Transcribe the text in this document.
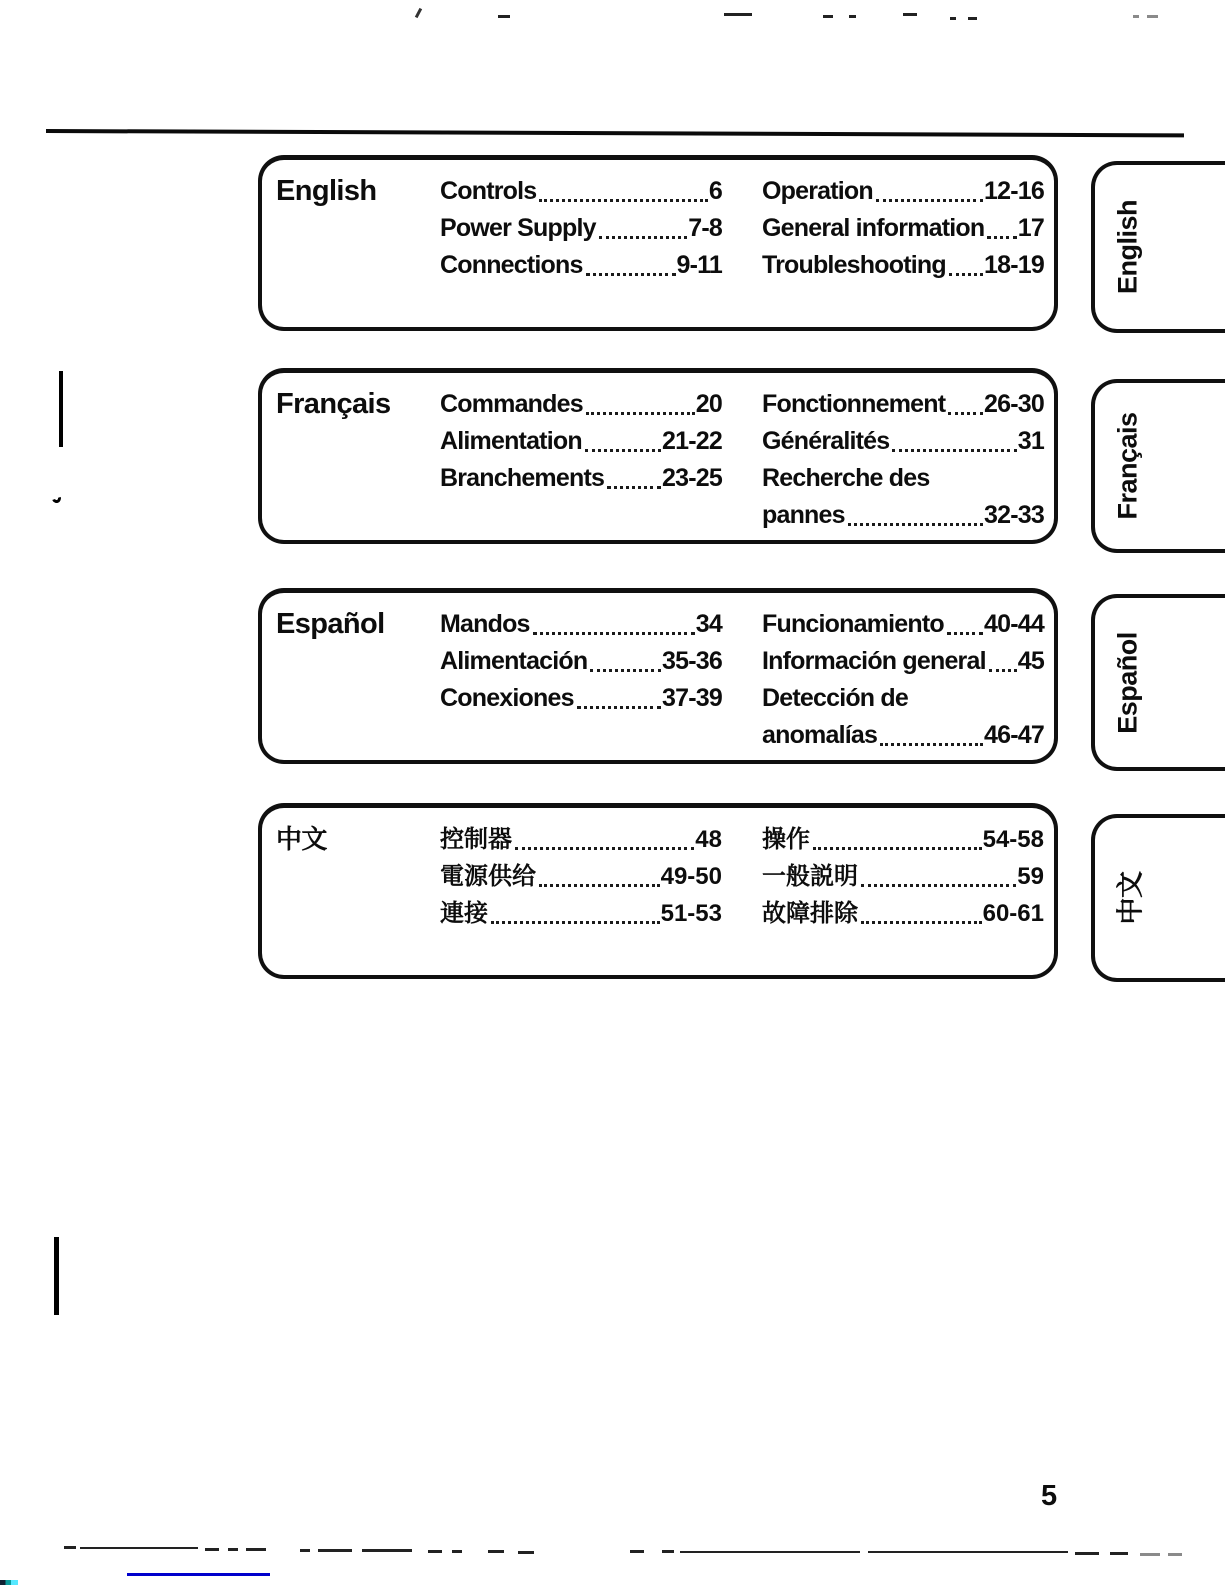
English	Controls	6
Power Supply	7-8
Connections	9-11
Operation	12-16
General information 17
Troubleshooting 18-19
Français	Commandes	20
Alimentation	21-22
Branchements 23-25
Fonctionnement 26-30
Généralités	31
Recherche des
pannes	32-33
Español	Mandos	34
Alimentación	35-36
Conexiones	37-39
Funcionamiento 40-44
Información general 45
Detección de
anomalías	46-47
中文	控制器	48
電源供给	49-50
連接	51-53
操作	54-58
一般説明	59
故障排除	60-61
English
Français
Español
中文
5
